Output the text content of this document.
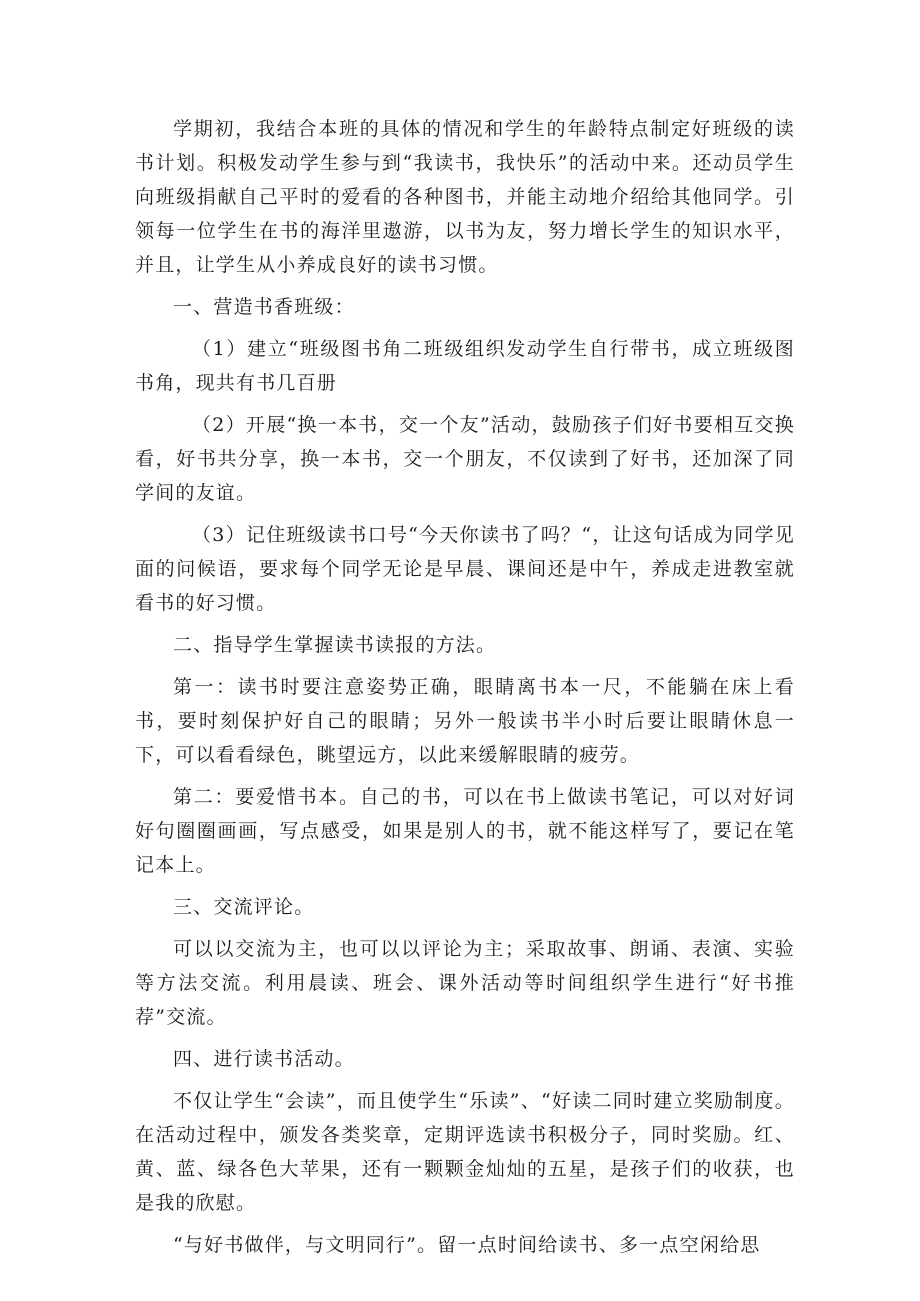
学期初，我结合本班的具体的情况和学生的年龄特点制定好班级的读书计划。积极发动学生参与到“我读书，我快乐”的活动中来。还动员学生向班级捐献自己平时的爱看的各种图书，并能主动地介绍给其他同学。引领每一位学生在书的海洋里遨游，以书为友，努力增长学生的知识水平，并且，让学生从小养成良好的读书习惯。

一、营造书香班级：

（1）建立“班级图书角二班级组织发动学生自行带书，成立班级图书角，现共有书几百册

（2）开展“换一本书，交一个友”活动，鼓励孩子们好书要相互交换看，好书共分享，换一本书，交一个朋友，不仅读到了好书，还加深了同学间的友谊。

（3）记住班级读书口号“今天你读书了吗？“，让这句话成为同学见面的问候语，要求每个同学无论是早晨、课间还是中午，养成走进教室就看书的好习惯。

二、指导学生掌握读书读报的方法。

第一：读书时要注意姿势正确，眼睛离书本一尺，不能躺在床上看书，要时刻保护好自己的眼睛；另外一般读书半小时后要让眼睛休息一下，可以看看绿色，眺望远方，以此来缓解眼睛的疲劳。

第二：要爱惜书本。自己的书，可以在书上做读书笔记，可以对好词好句圈圈画画，写点感受，如果是别人的书，就不能这样写了，要记在笔记本上。

三、交流评论。

可以以交流为主，也可以以评论为主；采取故事、朗诵、表演、实验等方法交流。利用晨读、班会、课外活动等时间组织学生进行“好书推荐”交流。

四、进行读书活动。

不仅让学生“会读”，而且使学生“乐读”、“好读二同时建立奖励制度。在活动过程中，颁发各类奖章，定期评选读书积极分子，同时奖励。红、黄、蓝、绿各色大苹果，还有一颗颗金灿灿的五星，是孩子们的收获，也是我的欣慰。

“与好书做伴，与文明同行”。留一点时间给读书、多一点空闲给思
